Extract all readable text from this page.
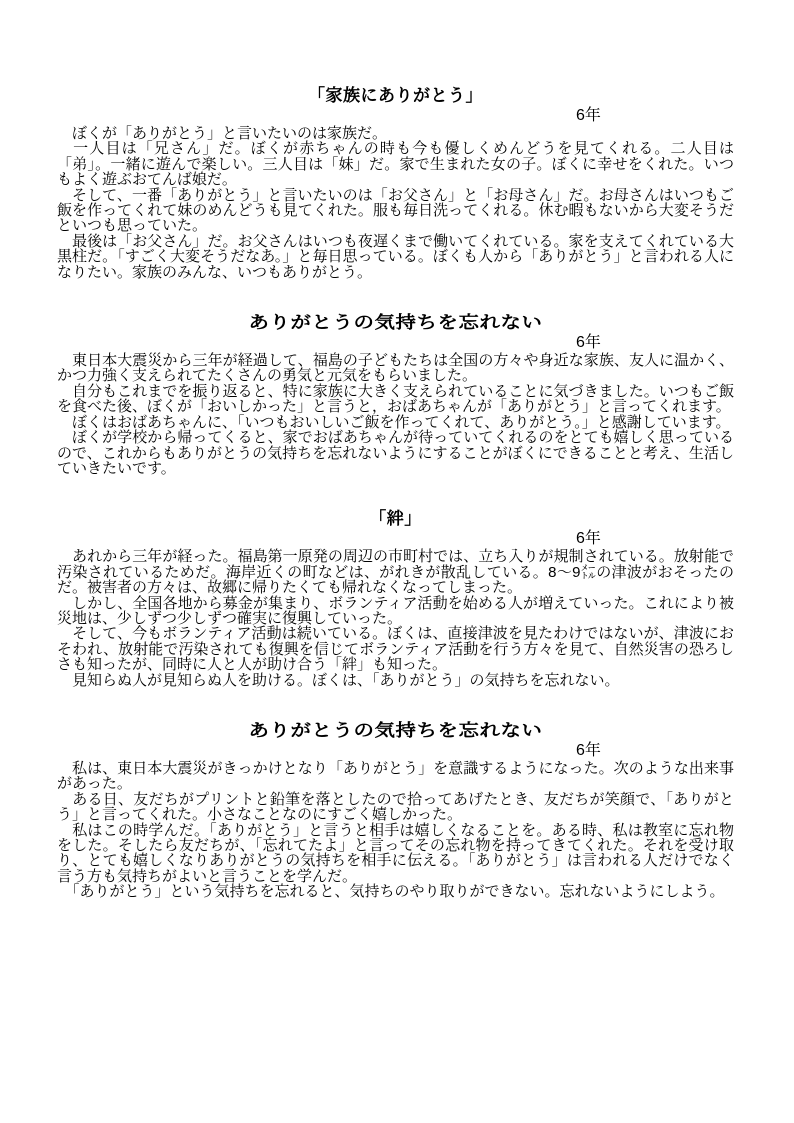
「家族にありがとう」
6年

　ぼくが「ありがとう」と言いたいのは家族だ。

　一人目は「兄さん」だ。ぼくが赤ちゃんの時も今も優しくめんどうを見てくれる。二人目は「弟」。一緒に遊んで楽しい。三人目は「妹」だ。家で生まれた女の子。ぼくに幸せをくれた。いつもよく遊ぶおてんば娘だ。

　そして、一番「ありがとう」と言いたいのは「お父さん」と「お母さん」だ。お母さんはいつもご飯を作ってくれて妹のめんどうも見てくれた。服も毎日洗ってくれる。休む暇もないから大変そうだといつも思っていた。

　最後は「お父さん」だ。お父さんはいつも夜遅くまで働いてくれている。家を支えてくれている大黒柱だ。「すごく大変そうだなあ。」と毎日思っている。ぼくも人から「ありがとう」と言われる人になりたい。家族のみんな、いつもありがとう。

ありがとうの気持ちを忘れない
6年

　東日本大震災から三年が経過して、福島の子どもたちは全国の方々や身近な家族、友人に温かく、かつ力強く支えられてたくさんの勇気と元気をもらいました。

　自分もこれまでを振り返ると、特に家族に大きく支えられていることに気づきました。いつもご飯を食べた後、ぼくが「おいしかった」と言うと，おばあちゃんが「ありがとう」と言ってくれます。

　ぼくはおばあちゃんに、「いつもおいしいご飯を作ってくれて、ありがとう。」と感謝しています。

　ぼくが学校から帰ってくると、家でおばあちゃんが待っていてくれるのをとても嬉しく思っているので、これからもありがとうの気持ちを忘れないようにすることがぼくにできることと考え、生活していきたいです。

「絆」
6年

　あれから三年が経った。福島第一原発の周辺の市町村では、立ち入りが規制されている。放射能で汚染されているためだ。海岸近くの町などは、がれきが散乱している。8～9㍍の津波がおそったのだ。被害者の方々は、故郷に帰りたくても帰れなくなってしまった。

　しかし、全国各地から募金が集まり、ボランティア活動を始める人が増えていった。これにより被災地は、少しずつ少しずつ確実に復興していった。

　そして、今もボランティア活動は続いている。ぼくは、直接津波を見たわけではないが、津波におそわれ、放射能で汚染されても復興を信じてボランティア活動を行う方々を見て、自然災害の恐ろしさも知ったが、同時に人と人が助け合う「絆」も知った。

　見知らぬ人が見知らぬ人を助ける。ぼくは、「ありがとう」の気持ちを忘れない。

ありがとうの気持ちを忘れない
6年

　私は、東日本大震災がきっかけとなり「ありがとう」を意識するようになった。次のような出来事があった。

　ある日、友だちがプリントと鉛筆を落としたので拾ってあげたとき、友だちが笑顔で、「ありがとう」と言ってくれた。小さなことなのにすごく嬉しかった。

　私はこの時学んだ。「ありがとう」と言うと相手は嬉しくなることを。ある時、私は教室に忘れ物をした。そしたら友だちが、「忘れてたよ」と言ってその忘れ物を持ってきてくれた。それを受け取り、とても嬉しくなりありがとうの気持ちを相手に伝える。「ありがとう」は言われる人だけでなく言う方も気持ちがよいと言うことを学んだ。

　「ありがとう」という気持ちを忘れると、気持ちのやり取りができない。忘れないようにしよう。
